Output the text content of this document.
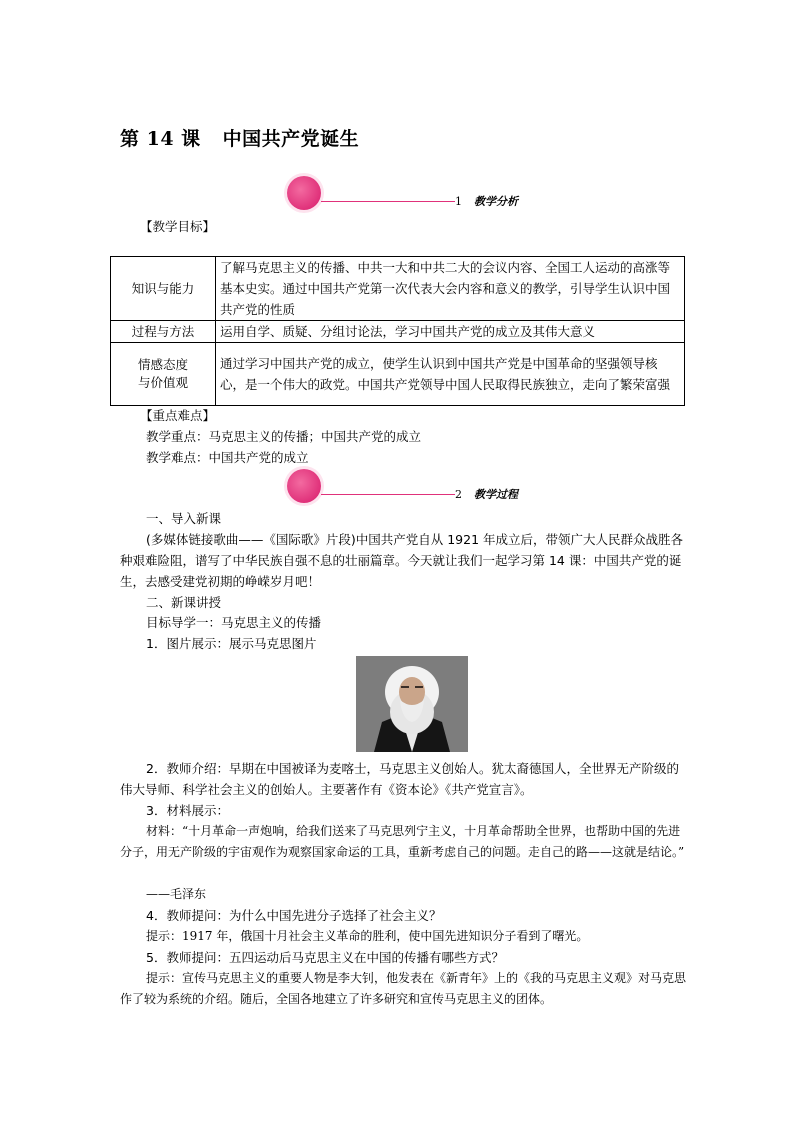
第 14 课 中国共产党诞生
1 教学分析
【教学目标】
知识与能力	了解马克思主义的传播、中共一大和中共二大的会议内容、全国工人运动的高涨等基本史实。通过中国共产党第一次代表大会内容和意义的教学，引导学生认识中国共产党的性质
过程与方法	运用自学、质疑、分组讨论法，学习中国共产党的成立及其伟大意义

情感态度
与价值观	通过学习中国共产党的成立，使学生认识到中国共产党是中国革命的坚强领导核心，是一个伟大的政党。中国共产党领导中国人民取得民族独立，走向了繁荣富强
【重点难点】
教学重点：马克思主义的传播；中国共产党的成立
教学难点：中国共产党的成立
2 教学过程
一、导入新课
(多媒体链接歌曲——《国际歌》片段)中国共产党自从 1921 年成立后，带领广大人民群众战胜各种艰难险阻，谱写了中华民族自强不息的壮丽篇章。今天就让我们一起学习第 14 课：中国共产党的诞生，去感受建党初期的峥嵘岁月吧！
二、新课讲授
目标导学一：马克思主义的传播
1．图片展示：展示马克思图片
2．教师介绍：早期在中国被译为麦喀士，马克思主义创始人。犹太裔德国人，全世界无产阶级的伟大导师、科学社会主义的创始人。主要著作有《资本论》《共产党宣言》。
3．材料展示：
材料：“十月革命一声炮响，给我们送来了马克思列宁主义，十月革命帮助全世界，也帮助中国的先进分子，用无产阶级的宇宙观作为观察国家命运的工具，重新考虑自己的问题。走自己的路——这就是结论。”
——毛泽东
4．教师提问：为什么中国先进分子选择了社会主义？
提示：1917 年，俄国十月社会主义革命的胜利，使中国先进知识分子看到了曙光。
5．教师提问：五四运动后马克思主义在中国的传播有哪些方式？
提示：宣传马克思主义的重要人物是李大钊，他发表在《新青年》上的《我的马克思主义观》对马克思作了较为系统的介绍。随后，全国各地建立了许多研究和宣传马克思主义的团体。
